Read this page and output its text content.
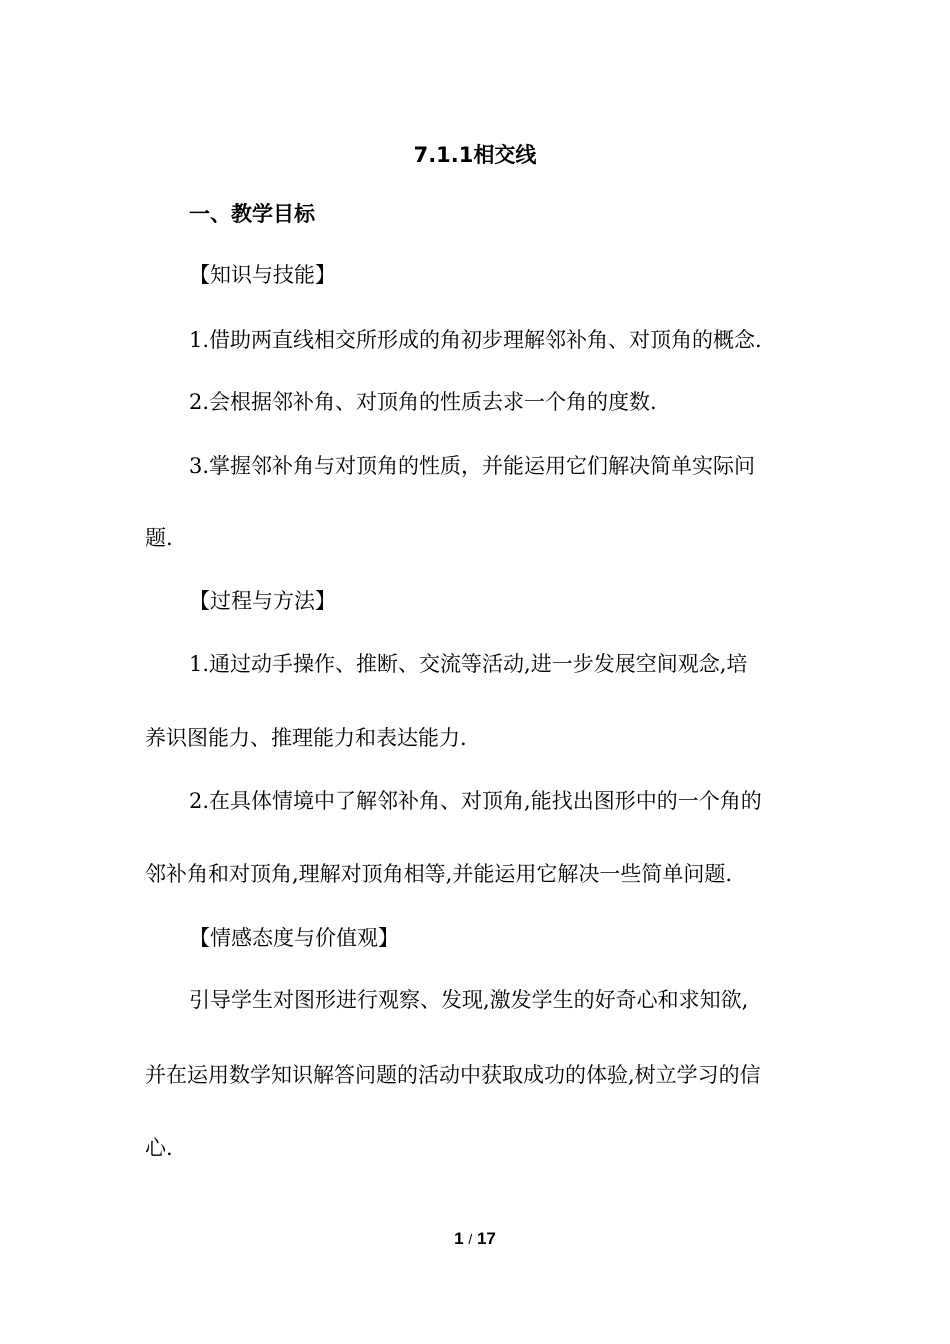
7.1.1相交线
一、教学目标
【知识与技能】
1.借助两直线相交所形成的角初步理解邻补角、对顶角的概念.
2.会根据邻补角、对顶角的性质去求一个角的度数.
3.掌握邻补角与对顶角的性质，并能运用它们解决简单实际问
题.
【过程与方法】
1.通过动手操作、推断、交流等活动,进一步发展空间观念,培
养识图能力、推理能力和表达能力.
2.在具体情境中了解邻补角、对顶角,能找出图形中的一个角的
邻补角和对顶角,理解对顶角相等,并能运用它解决一些简单问题.
【情感态度与价值观】
引导学生对图形进行观察、发现,激发学生的好奇心和求知欲,
并在运用数学知识解答问题的活动中获取成功的体验,树立学习的信
心.
1 / 17
